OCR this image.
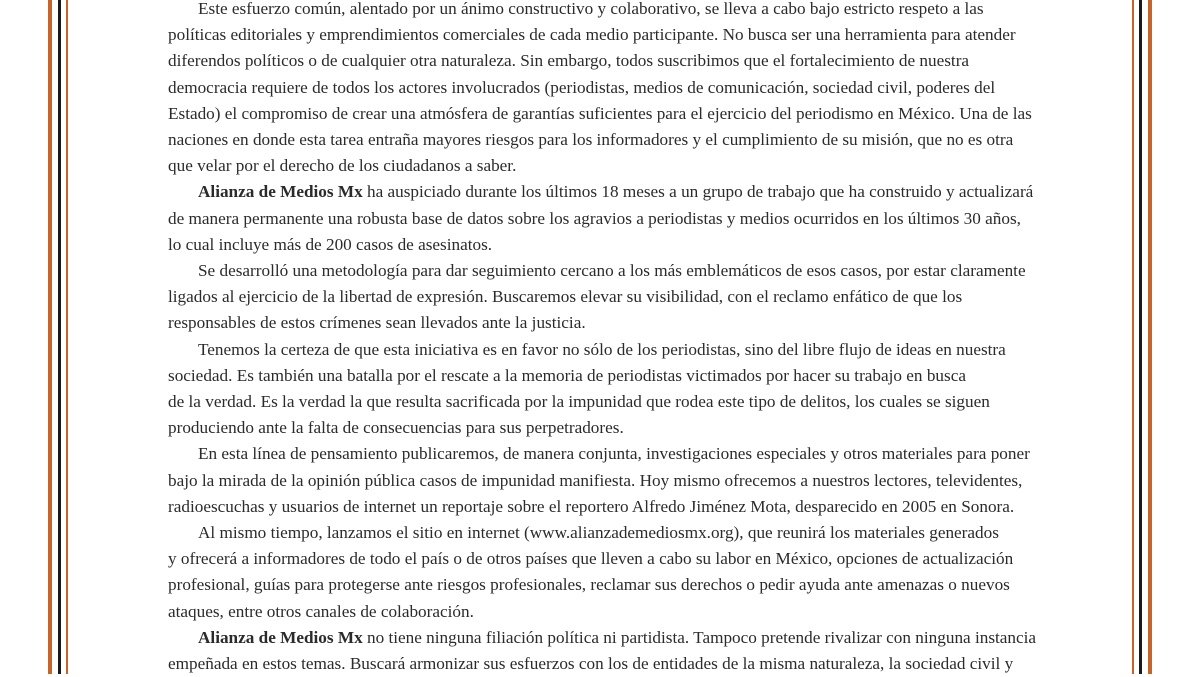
Este esfuerzo común, alentado por un ánimo constructivo y colaborativo, se lleva a cabo bajo estricto respeto a las
políticas editoriales y emprendimientos comerciales de cada medio participante. No busca ser una herramienta para atender
diferendos políticos o de cualquier otra naturaleza. Sin embargo, todos suscribimos que el fortalecimiento de nuestra
democracia requiere de todos los actores involucrados (periodistas, medios de comunicación, sociedad civil, poderes del
Estado) el compromiso de crear una atmósfera de garantías suficientes para el ejercicio del periodismo en México. Una de las
naciones en donde esta tarea entraña mayores riesgos para los informadores y el cumplimiento de su misión, que no es otra
que velar por el derecho de los ciudadanos a saber.
Alianza de Medios Mx ha auspiciado durante los últimos 18 meses a un grupo de trabajo que ha construido y actualizará
de manera permanente una robusta base de datos sobre los agravios a periodistas y medios ocurridos en los últimos 30 años,
lo cual incluye más de 200 casos de asesinatos.
Se desarrolló una metodología para dar seguimiento cercano a los más emblemáticos de esos casos, por estar claramente
ligados al ejercicio de la libertad de expresión. Buscaremos elevar su visibilidad, con el reclamo enfático de que los
responsables de estos crímenes sean llevados ante la justicia.
Tenemos la certeza de que esta iniciativa es en favor no sólo de los periodistas, sino del libre flujo de ideas en nuestra
sociedad. Es también una batalla por el rescate a la memoria de periodistas victimados por hacer su trabajo en busca
de la verdad. Es la verdad la que resulta sacrificada por la impunidad que rodea este tipo de delitos, los cuales se siguen
produciendo ante la falta de consecuencias para sus perpetradores.
En esta línea de pensamiento publicaremos, de manera conjunta, investigaciones especiales y otros materiales para poner
bajo la mirada de la opinión pública casos de impunidad manifiesta. Hoy mismo ofrecemos a nuestros lectores, televidentes,
radioescuchas y usuarios de internet un reportaje sobre el reportero Alfredo Jiménez Mota, desparecido en 2005 en Sonora.
Al mismo tiempo, lanzamos el sitio en internet (www.alianzademediosmx.org), que reunirá los materiales generados
y ofrecerá a informadores de todo el país o de otros países que lleven a cabo su labor en México, opciones de actualización
profesional, guías para protegerse ante riesgos profesionales, reclamar sus derechos o pedir ayuda ante amenazas o nuevos
ataques, entre otros canales de colaboración.
Alianza de Medios Mx no tiene ninguna filiación política ni partidista. Tampoco pretende rivalizar con ninguna instancia
empeñada en estos temas. Buscará armonizar sus esfuerzos con los de entidades de la misma naturaleza, la sociedad civil y
